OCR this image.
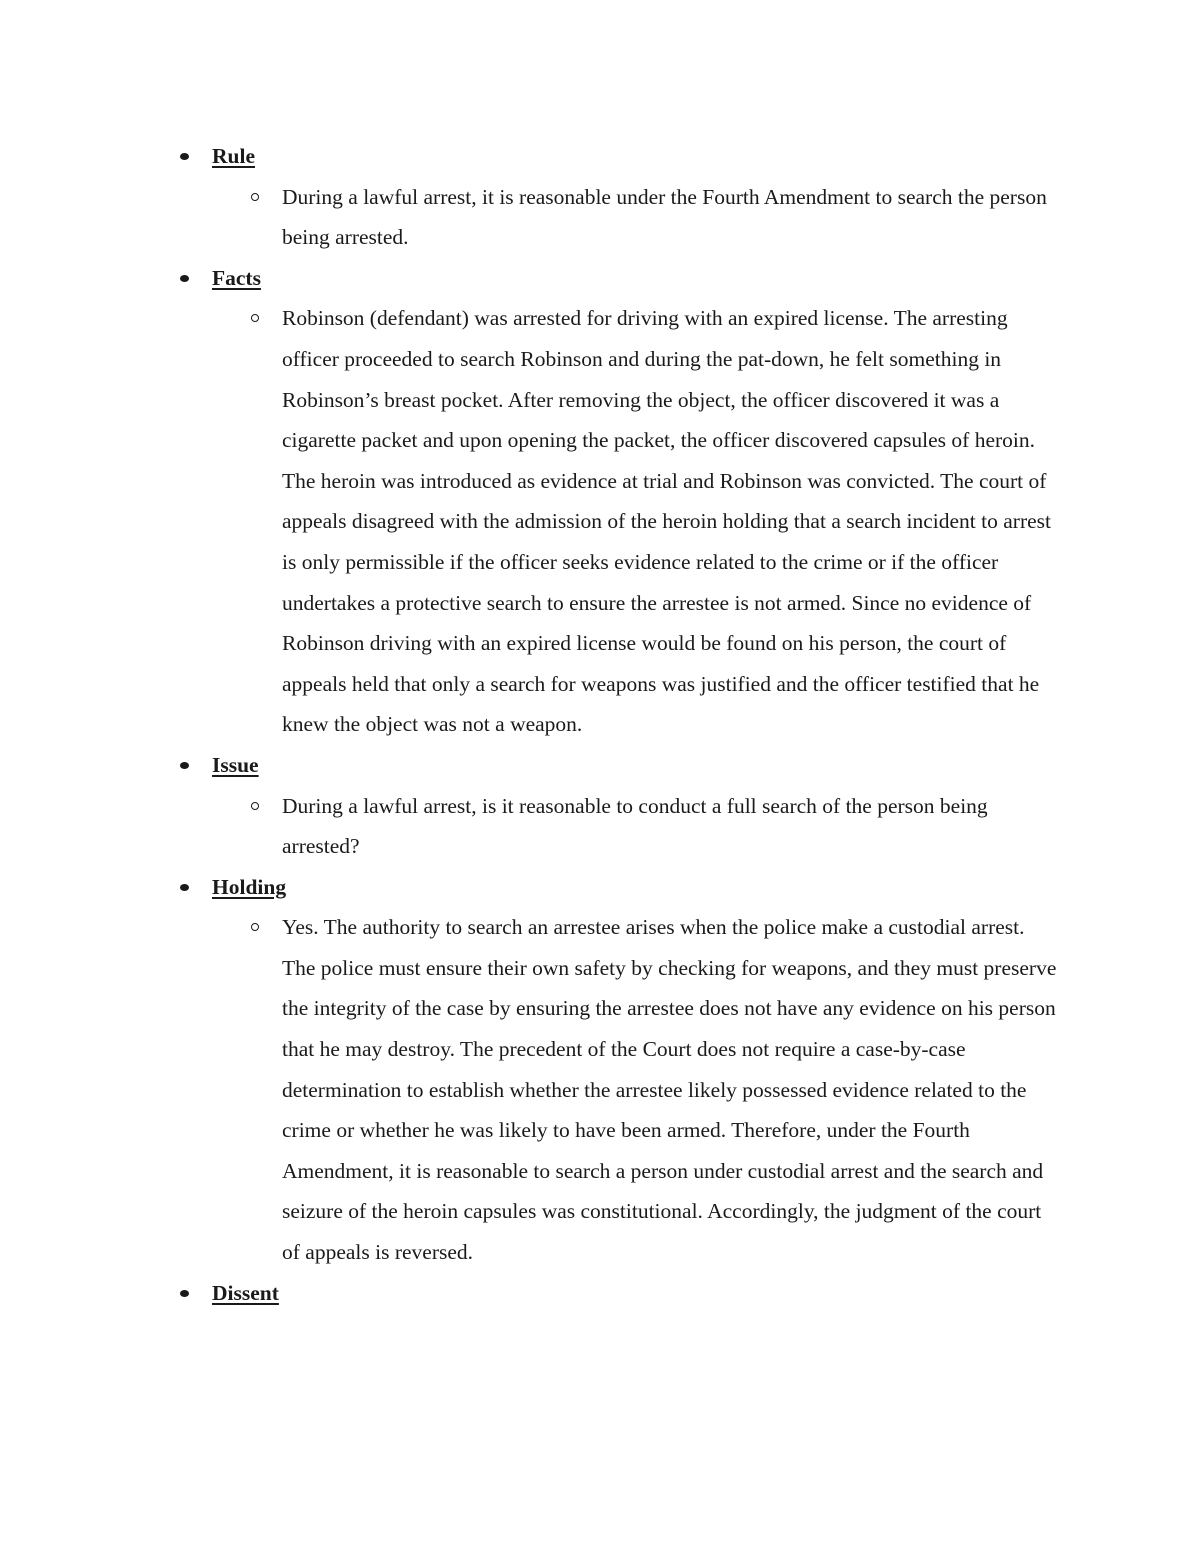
Rule

During a lawful arrest, it is reasonable under the Fourth Amendment to search the person being arrested.

Facts

Robinson (defendant) was arrested for driving with an expired license. The arresting officer proceeded to search Robinson and during the pat-down, he felt something in Robinson’s breast pocket. After removing the object, the officer discovered it was a cigarette packet and upon opening the packet, the officer discovered capsules of heroin. The heroin was introduced as evidence at trial and Robinson was convicted. The court of appeals disagreed with the admission of the heroin holding that a search incident to arrest is only permissible if the officer seeks evidence related to the crime or if the officer undertakes a protective search to ensure the arrestee is not armed. Since no evidence of Robinson driving with an expired license would be found on his person, the court of appeals held that only a search for weapons was justified and the officer testified that he knew the object was not a weapon.

Issue

During a lawful arrest, is it reasonable to conduct a full search of the person being arrested?

Holding

Yes. The authority to search an arrestee arises when the police make a custodial arrest. The police must ensure their own safety by checking for weapons, and they must preserve the integrity of the case by ensuring the arrestee does not have any evidence on his person that he may destroy. The precedent of the Court does not require a case-by-case determination to establish whether the arrestee likely possessed evidence related to the crime or whether he was likely to have been armed. Therefore, under the Fourth Amendment, it is reasonable to search a person under custodial arrest and the search and seizure of the heroin capsules was constitutional. Accordingly, the judgment of the court of appeals is reversed.

Dissent
